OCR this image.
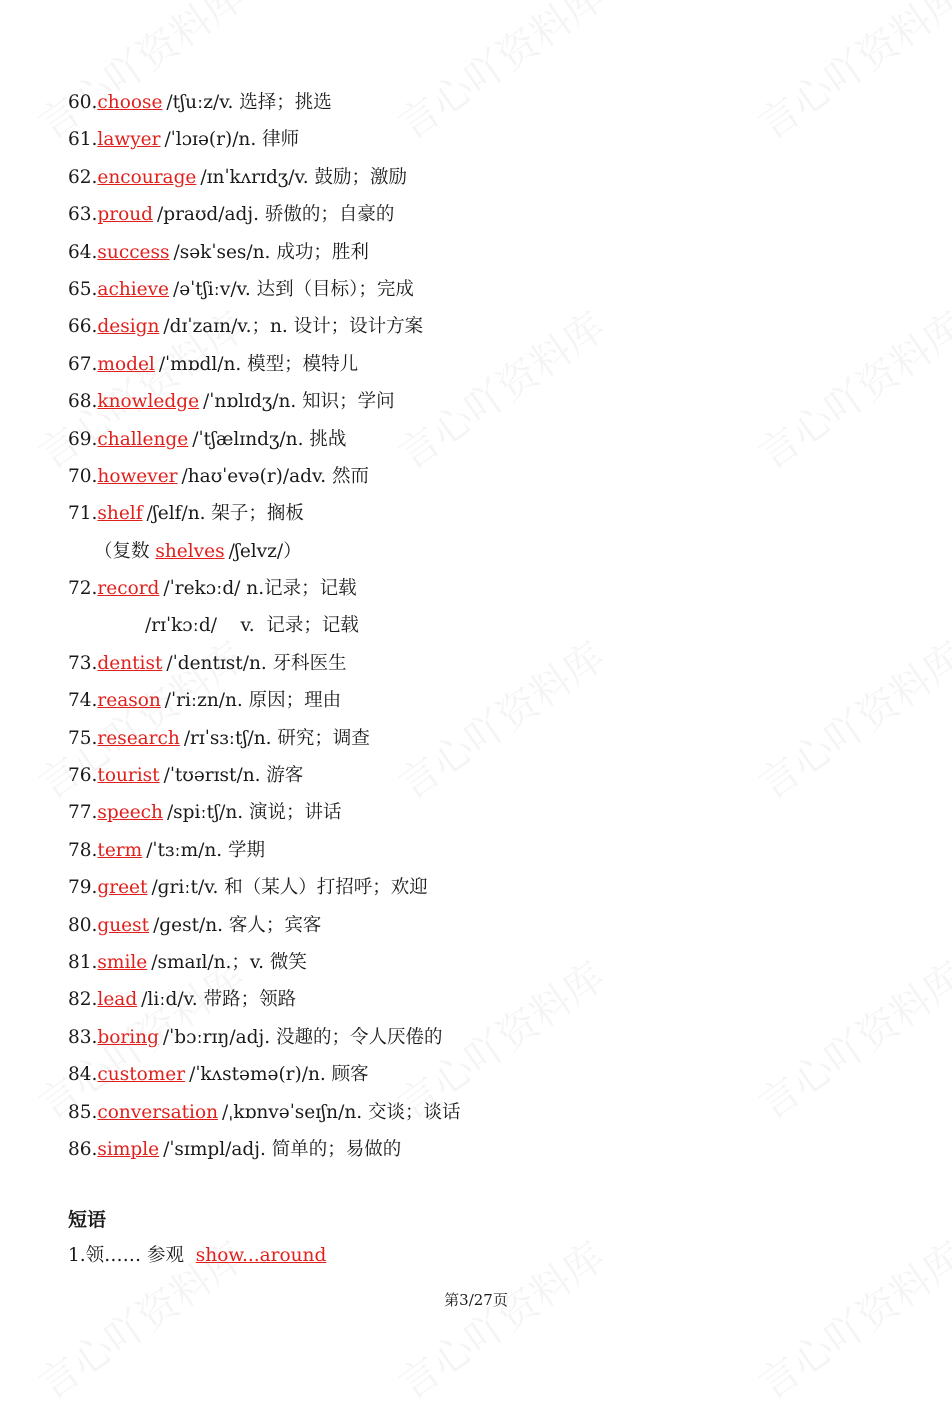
60.choose /tʃuːz/v. 选择；挑选
61.lawyer /ˈlɔɪə(r)/n. 律师
62.encourage /ɪnˈkʌrɪdʒ/v. 鼓励；激励
63.proud /praʊd/adj. 骄傲的；自豪的
64.success /səkˈses/n. 成功；胜利
65.achieve /əˈtʃiːv/v. 达到（目标）；完成
66.design /dɪˈzaɪn/v.；n. 设计；设计方案
67.model /ˈmɒdl/n. 模型；模特儿
68.knowledge /ˈnɒlɪdʒ/n. 知识；学问
69.challenge /ˈtʃælɪndʒ/n. 挑战
70.however /haʊˈevə(r)/adv. 然而
71.shelf /ʃelf/n. 架子；搁板
（复数 shelves /ʃelvz/）
72.record /ˈrekɔːd/ n.记录；记载
/rɪˈkɔːd/    v.  记录；记载
73.dentist /ˈdentɪst/n. 牙科医生
74.reason /ˈriːzn/n. 原因；理由
75.research /rɪˈsɜːtʃ/n. 研究；调查
76.tourist /ˈtʊərɪst/n. 游客
77.speech /spiːtʃ/n. 演说；讲话
78.term /ˈtɜːm/n. 学期
79.greet /ɡriːt/v. 和（某人）打招呼；欢迎
80.guest /ɡest/n. 客人；宾客
81.smile /smaɪl/n.；v. 微笑
82.lead /liːd/v. 带路；领路
83.boring /ˈbɔːrɪŋ/adj. 没趣的；令人厌倦的
84.customer /ˈkʌstəmə(r)/n. 顾客
85.conversation /ˌkɒnvəˈseɪʃn/n. 交谈；谈话
86.simple /ˈsɪmpl/adj. 简单的；易做的
短语
1.领…… 参观  show...around
第3/27页
